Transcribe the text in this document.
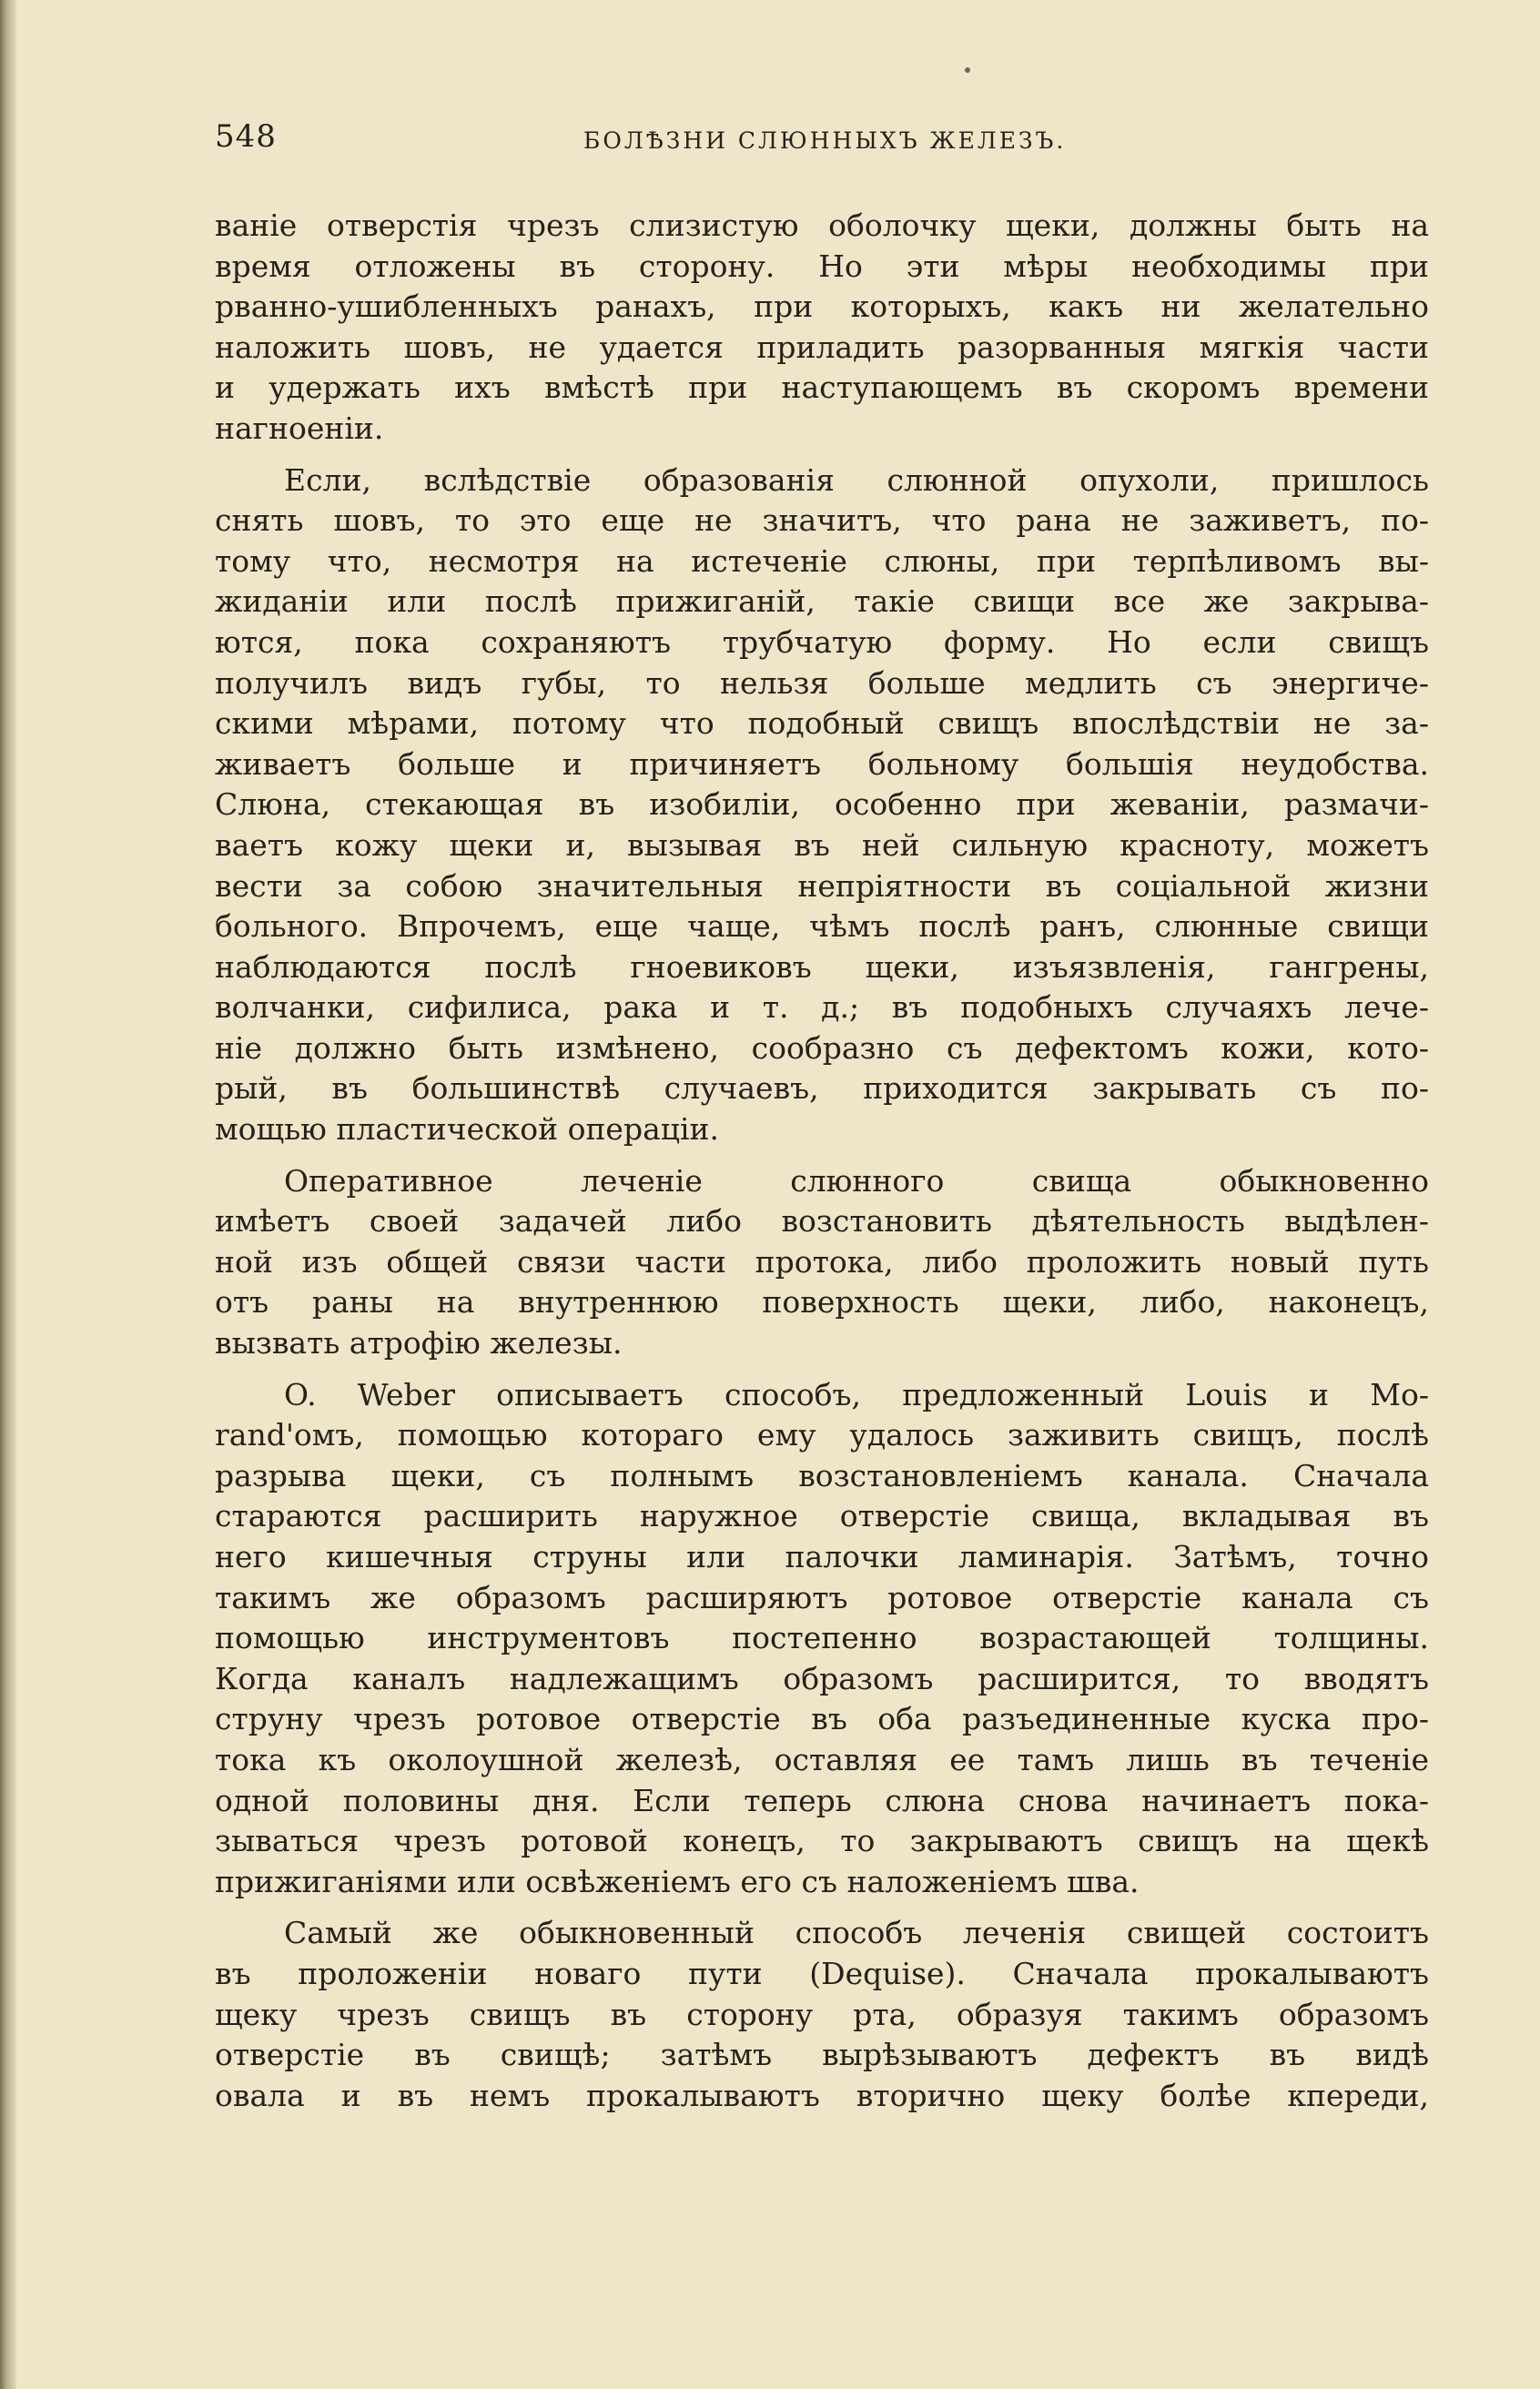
548	БОЛѢЗНИ СЛЮННЫХЪ ЖЕЛЕЗЪ.
ваніе отверстія чрезъ слизистую оболочку щеки, должны быть на
время отложены въ сторону. Но эти мѣры необходимы при
рванно-ушибленныхъ ранахъ, при которыхъ, какъ ни желательно
наложить шовъ, не удается приладить разорванныя мягкія части
и удержать ихъ вмѣстѣ при наступающемъ въ скоромъ времени
нагноеніи.
Если, вслѣдствіе образованія слюнной опухоли, пришлось
снять шовъ, то это еще не значитъ, что рана не заживетъ, по-
тому что, несмотря на истеченіе слюны, при терпѣливомъ вы-
жиданіи или послѣ прижиганій, такіе свищи все же закрыва-
ются, пока сохраняютъ трубчатую форму. Но если свищъ
получилъ видъ губы, то нельзя больше медлить съ энергиче-
скими мѣрами, потому что подобный свищъ впослѣдствіи не за-
живаетъ больше и причиняетъ больному большія неудобства.
Слюна, стекающая въ изобиліи, особенно при жеваніи, размачи-
ваетъ кожу щеки и, вызывая въ ней сильную красноту, можетъ
вести за собою значительныя непріятности въ соціальной жизни
больного. Впрочемъ, еще чаще, чѣмъ послѣ ранъ, слюнные свищи
наблюдаются послѣ гноевиковъ щеки, изъязвленія, гангрены,
волчанки, сифилиса, рака и т. д.; въ подобныхъ случаяхъ лече-
ніе должно быть измѣнено, сообразно съ дефектомъ кожи, кото-
рый, въ большинствѣ случаевъ, приходится закрывать съ по-
мощью пластической операціи.
Оперативное леченіе слюнного свища обыкновенно
имѣетъ своей задачей либо возстановить дѣятельность выдѣлен-
ной изъ общей связи части протока, либо проложить новый путь
отъ раны на внутреннюю поверхность щеки, либо, наконецъ,
вызвать атрофію железы.
O. Weber описываетъ способъ, предложенный Louis и Mo-
rand'омъ, помощью котораго ему удалось заживить свищъ, послѣ
разрыва щеки, съ полнымъ возстановленіемъ канала. Сначала
стараются расширить наружное отверстіе свища, вкладывая въ
него кишечныя струны или палочки ламинарія. Затѣмъ, точно
такимъ же образомъ расширяютъ ротовое отверстіе канала съ
помощью инструментовъ постепенно возрастающей толщины.
Когда каналъ надлежащимъ образомъ расширится, то вводятъ
струну чрезъ ротовое отверстіе въ оба разъединенные куска про-
тока къ околоушной железѣ, оставляя ее тамъ лишь въ теченіе
одной половины дня. Если теперь слюна снова начинаетъ пока-
зываться чрезъ ротовой конецъ, то закрываютъ свищъ на щекѣ
прижиганіями или освѣженіемъ его съ наложеніемъ шва.
Самый же обыкновенный способъ леченія свищей состоитъ
въ проложеніи новаго пути (Dequise). Сначала прокалываютъ
щеку чрезъ свищъ въ сторону рта, образуя такимъ образомъ
отверстіе въ свищѣ; затѣмъ вырѣзываютъ дефектъ въ видѣ
овала и въ немъ прокалываютъ вторично щеку болѣе кпереди,
